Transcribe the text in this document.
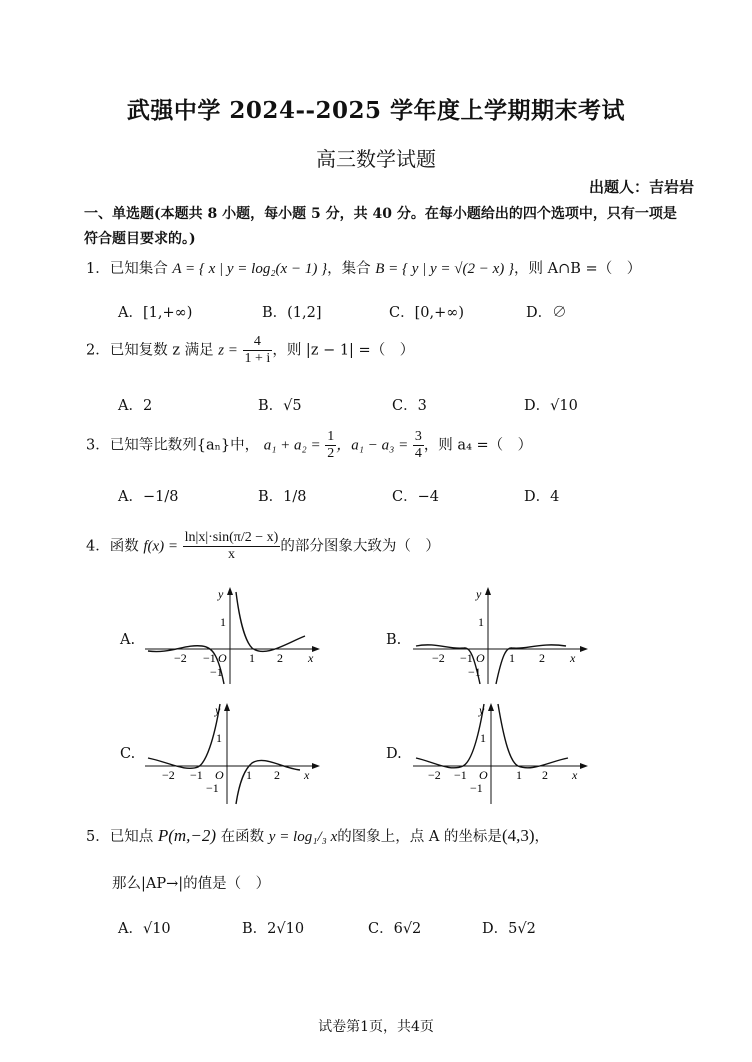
武强中学 2024--2025 学年度上学期期末考试
高三数学试题
出题人：吉岩岩
一、单选题(本题共 8 小题，每小题 5 分，共 40 分。在每小题给出的四个选项中，只有一项是符合题目要求的。)
1．已知集合 A = { x | y = log₂(x − 1) }，集合 B = { y | y = √(2 − x) }，则 A∩B =（　）
A．[1,+∞)	B．(1,2]	C．[0,+∞)	D．∅
2．已知复数 z 满足 $z = \frac{4}{1 + i}$ ，则 |z − 1| =（　）
A．2	B．√5	C．3	D．√10
3．已知等比数列{aₙ}中， $a_1 + a_2 = \frac{1}{2}$ ，$a_1 - a_3 = \frac{3}{4}$ ，则 a₄ =（　）
A．−1/8	B．1/8	C．−4	D．4
4．函数 $f(x) = \frac{\ln|x|\cdot\sin(\pi/2 - x)}{x}$ 的部分图象大致为（　）
A.	B.
C.	D.
−2 −1	1 2
1
−1
O	x
y
−2 −1	1 2
1
−1
O	x
y
−2 −1	1 2
1
−1
O	x
y
−2 −1	1 2
1
−1
O	x
y
5．已知点 P(m,−2) 在函数 y = log₁/₃ x的图象上，点 A 的坐标是(4,3)，
那么|AP→|的值是（　）
A．√10	B．2√10	C．6√2	D．5√2
试卷第1页，共4页
